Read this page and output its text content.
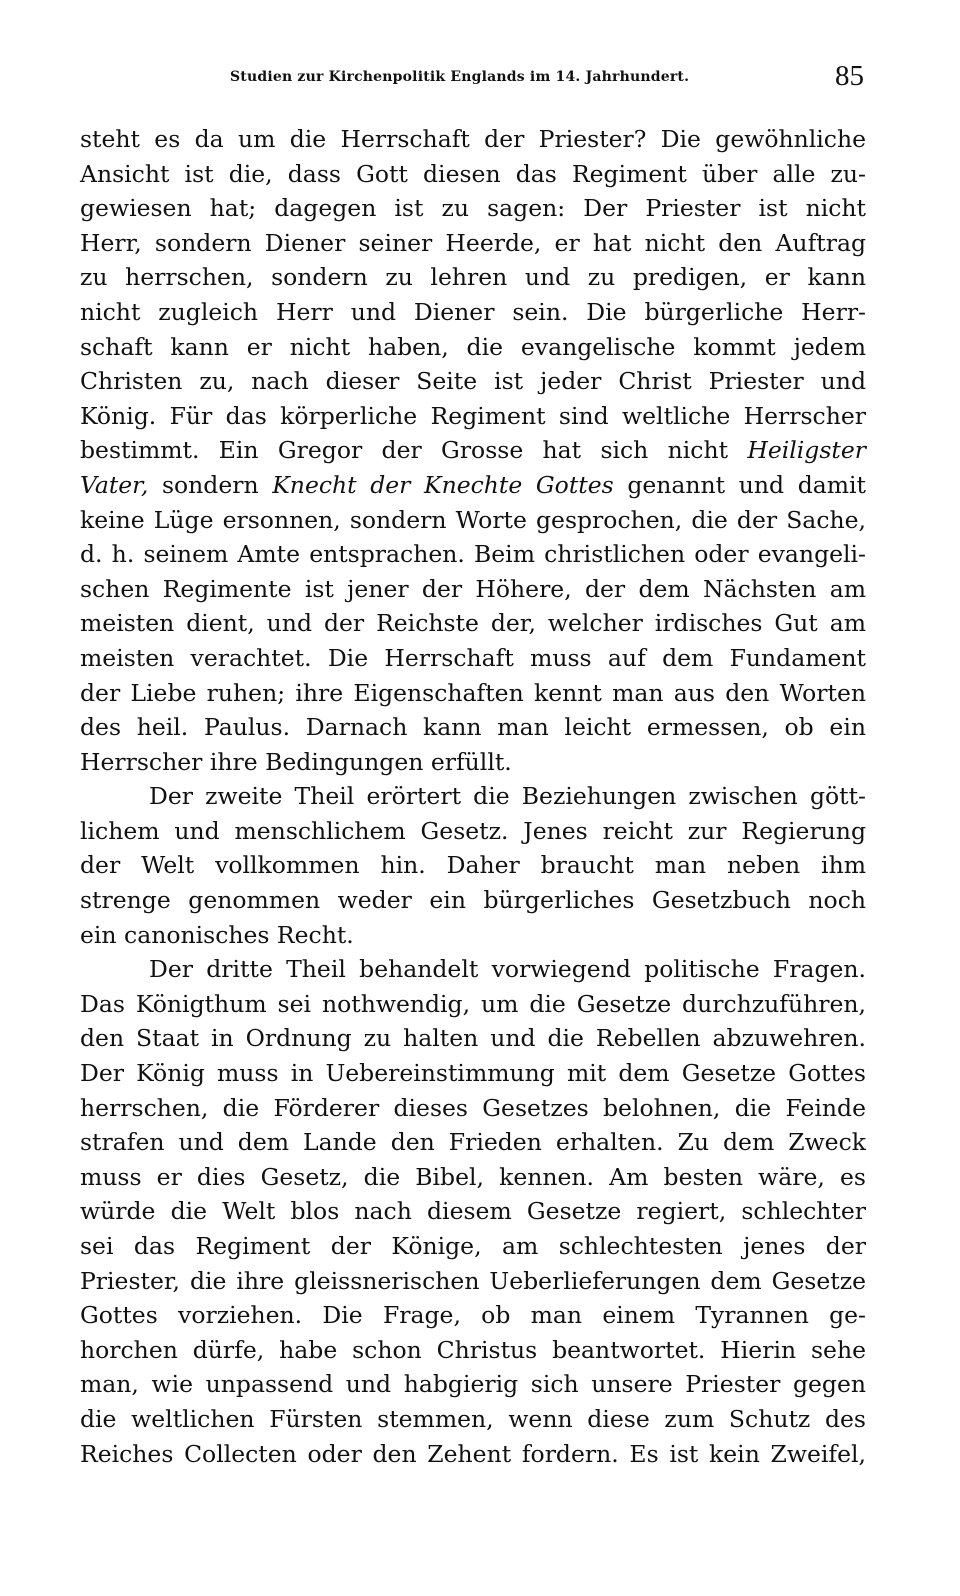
Studien zur Kirchenpolitik Englands im 14. Jahrhundert.	85
steht es da um die Herrschaft der Priester? Die gewöhnliche
Ansicht ist die, dass Gott diesen das Regiment über alle zu-
gewiesen hat; dagegen ist zu sagen: Der Priester ist nicht
Herr, sondern Diener seiner Heerde, er hat nicht den Auftrag
zu herrschen, sondern zu lehren und zu predigen, er kann
nicht zugleich Herr und Diener sein. Die bürgerliche Herr-
schaft kann er nicht haben, die evangelische kommt jedem
Christen zu, nach dieser Seite ist jeder Christ Priester und
König. Für das körperliche Regiment sind weltliche Herrscher
bestimmt. Ein Gregor der Grosse hat sich nicht Heiligster
Vater, sondern Knecht der Knechte Gottes genannt und damit
keine Lüge ersonnen, sondern Worte gesprochen, die der Sache,
d. h. seinem Amte entsprachen. Beim christlichen oder evangeli-
schen Regimente ist jener der Höhere, der dem Nächsten am
meisten dient, und der Reichste der, welcher irdisches Gut am
meisten verachtet. Die Herrschaft muss auf dem Fundament
der Liebe ruhen; ihre Eigenschaften kennt man aus den Worten
des heil. Paulus. Darnach kann man leicht ermessen, ob ein
Herrscher ihre Bedingungen erfüllt.
Der zweite Theil erörtert die Beziehungen zwischen gött-
lichem und menschlichem Gesetz. Jenes reicht zur Regierung
der Welt vollkommen hin. Daher braucht man neben ihm
strenge genommen weder ein bürgerliches Gesetzbuch noch
ein canonisches Recht.
Der dritte Theil behandelt vorwiegend politische Fragen.
Das Königthum sei nothwendig, um die Gesetze durchzuführen,
den Staat in Ordnung zu halten und die Rebellen abzuwehren.
Der König muss in Uebereinstimmung mit dem Gesetze Gottes
herrschen, die Förderer dieses Gesetzes belohnen, die Feinde
strafen und dem Lande den Frieden erhalten. Zu dem Zweck
muss er dies Gesetz, die Bibel, kennen. Am besten wäre, es
würde die Welt blos nach diesem Gesetze regiert, schlechter
sei das Regiment der Könige, am schlechtesten jenes der
Priester, die ihre gleissnerischen Ueberlieferungen dem Gesetze
Gottes vorziehen. Die Frage, ob man einem Tyrannen ge-
horchen dürfe, habe schon Christus beantwortet. Hierin sehe
man, wie unpassend und habgierig sich unsere Priester gegen
die weltlichen Fürsten stemmen, wenn diese zum Schutz des
Reiches Collecten oder den Zehent fordern. Es ist kein Zweifel,
